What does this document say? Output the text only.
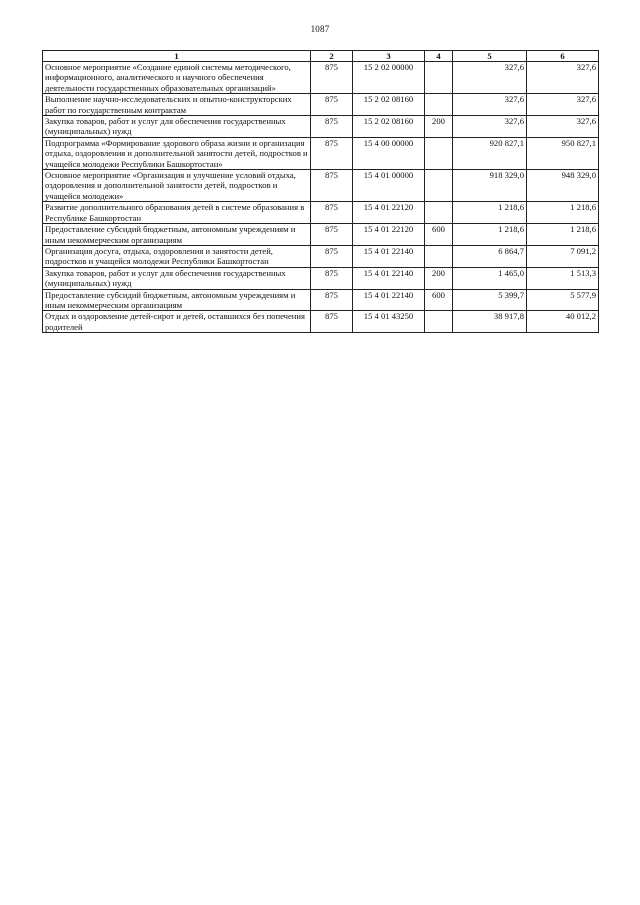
1087
1	2	3	4	5	6
Основное мероприятие «Создание единой системы методического, информационного, аналитического и научного обеспечения деятельности государственных образовательных организаций»	875	15 2 02 00000		327,6	327,6
Выполнение научно-исследовательских и опытно-конструкторских работ по государственным контрактам	875	15 2 02 08160		327,6	327,6
Закупка товаров, работ и услуг для обеспечения государственных (муниципальных) нужд	875	15 2 02 08160	200	327,6	327,6
Подпрограмма «Формирование здорового образа жизни и организация отдыха, оздоровления и дополнительной занятости детей, подростков и учащейся молодежи Республики Башкортостан»	875	15 4 00 00000		920 827,1	950 827,1
Основное мероприятие «Организация и улучшение условий отдыха, оздоровления и дополнительной занятости детей, подростков и учащейся молодежи»	875	15 4 01 00000		918 329,0	948 329,0
Развитие дополнительного образования детей в системе образования в Республике Башкортостан	875	15 4 01 22120		1 218,6	1 218,6
Предоставление субсидий бюджетным, автономным учреждениям и иным некоммерческим организациям	875	15 4 01 22120	600	1 218,6	1 218,6
Организация досуга, отдыха, оздоровления и занятости детей, подростков и учащейся молодежи Республики Башкортостан	875	15 4 01 22140		6 864,7	7 091,2
Закупка товаров, работ и услуг для обеспечения государственных (муниципальных) нужд	875	15 4 01 22140	200	1 465,0	1 513,3
Предоставление субсидий бюджетным, автономным учреждениям и иным некоммерческим организациям	875	15 4 01 22140	600	5 399,7	5 577,9
Отдых и оздоровление детей-сирот и детей, оставшихся без попечения родителей	875	15 4 01 43250		38 917,8	40 012,2
